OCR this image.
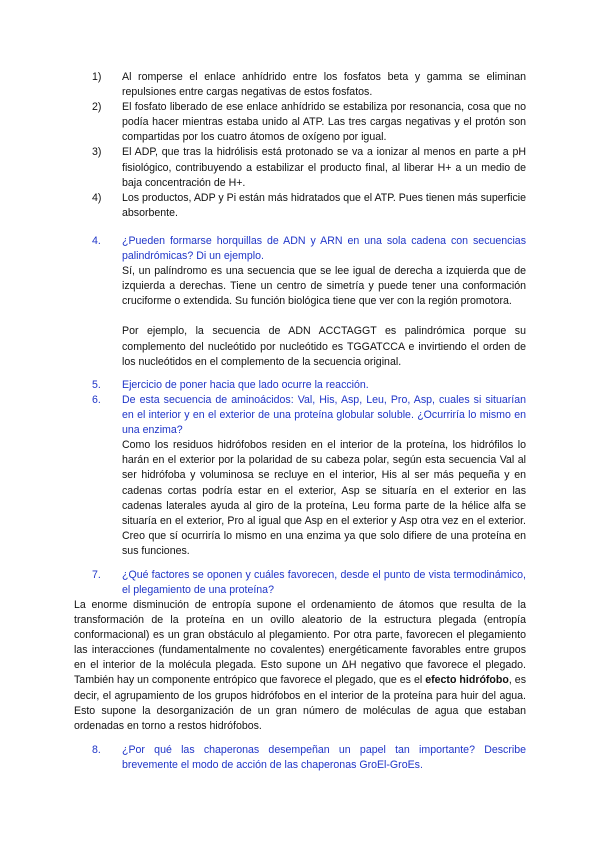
1) Al romperse el enlace anhídrido entre los fosfatos beta y gamma se eliminan repulsiones entre cargas negativas de estos fosfatos.
2) El fosfato liberado de ese enlace anhídrido se estabiliza por resonancia, cosa que no podía hacer mientras estaba unido al ATP. Las tres cargas negativas y el protón son compartidas por los cuatro átomos de oxígeno por igual.
3) El ADP, que tras la hidrólisis está protonado se va a ionizar al menos en parte a pH fisiológico, contribuyendo a estabilizar el producto final, al liberar H+ a un medio de baja concentración de H+.
4) Los productos, ADP y Pi están más hidratados que el ATP. Pues tienen más superficie absorbente.
4. ¿Pueden formarse horquillas de ADN y ARN en una sola cadena con secuencias palindrómicas? Di un ejemplo.

Sí, un palíndromo es una secuencia que se lee igual de derecha a izquierda que de izquierda a derechas. Tiene un centro de simetría y puede tener una conformación cruciforme o extendida. Su función biológica tiene que ver con la región promotora.

Por ejemplo, la secuencia de ADN ACCTAGGT es palindrómica porque su complemento del nucleótido por nucleótido es TGGATCCA e invirtiendo el orden de los nucleótidos en el complemento de la secuencia original.

5. Ejercicio de poner hacia que lado ocurre la reacción.
6. De esta secuencia de aminoácidos: Val, His, Asp, Leu, Pro, Asp, cuales si situarían en el interior y en el exterior de una proteína globular soluble. ¿Ocurriría lo mismo en una enzima?

Como los residuos hidrófobos residen en el interior de la proteína, los hidrófilos lo harán en el exterior por la polaridad de su cabeza polar, según esta secuencia Val al ser hidrófoba y voluminosa se recluye en el interior, His al ser más pequeña y en cadenas cortas podría estar en el exterior, Asp se situaría en el exterior en las cadenas laterales ayuda al giro de la proteína, Leu forma parte de la hélice alfa se situaría en el exterior, Pro al igual que Asp en el exterior y Asp otra vez en el exterior. Creo que sí ocurriría lo mismo en una enzima ya que solo difiere de una proteína en sus funciones.

7. ¿Qué factores se oponen y cuáles favorecen, desde el punto de vista termodinámico, el plegamiento de una proteína?

La enorme disminución de entropía supone el ordenamiento de átomos que resulta de la transformación de la proteína en un ovillo aleatorio de la estructura plegada (entropía conformacional) es un gran obstáculo al plegamiento. Por otra parte, favorecen el plegamiento las interacciones (fundamentalmente no covalentes) energéticamente favorables entre grupos en el interior de la molécula plegada. Esto supone un ΔH negativo que favorece el plegado. También hay un componente entrópico que favorece el plegado, que es el efecto hidrófobo, es decir, el agrupamiento de los grupos hidrófobos en el interior de la proteína para huir del agua. Esto supone la desorganización de un gran número de moléculas de agua que estaban ordenadas en torno a restos hidrófobos.

8. ¿Por qué las chaperonas desempeñan un papel tan importante? Describe brevemente el modo de acción de las chaperonas GroEl-GroEs.
